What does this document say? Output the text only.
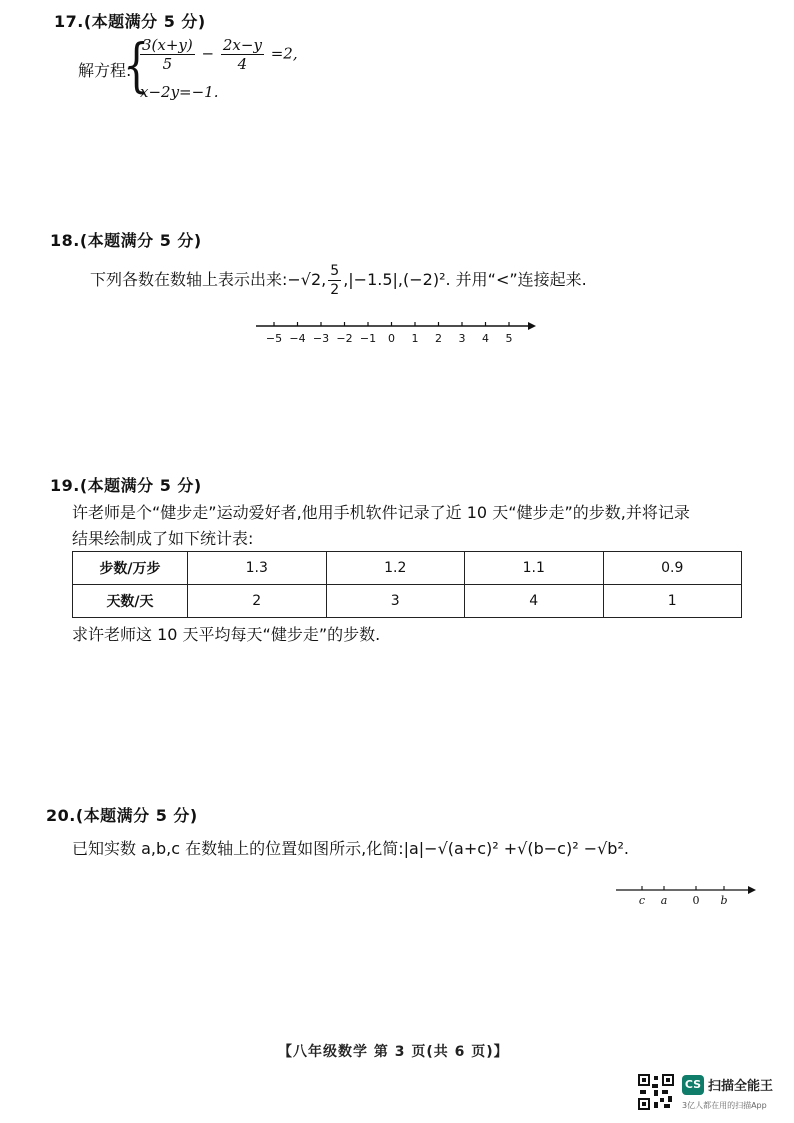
17.(本题满分 5 分)
解方程:
{
$\frac{3(x+y)}{5} - \frac{2x-y}{4} =2$,
x−2y=−1.
18.(本题满分 5 分)
下列各数在数轴上表示出来:−√2, $\frac{5}{2} ,|-1.5|,(-2)^2$. 并用“<”连接起来.
−5 −4 −3 −2 −1 0 1 2 3 4 5
19.(本题满分 5 分)
许老师是个“健步走”运动爱好者,他用手机软件记录了近 10 天“健步走”的步数,并将记录
结果绘制成了如下统计表:
步数/万步	1.3	1.2	1.1	0.9
天数/天	2	3	4	1
求许老师这 10 天平均每天“健步走”的步数.
20.(本题满分 5 分)
已知实数 a,b,c 在数轴上的位置如图所示,化简:|a|−√(a+c)² +√(b−c)² −√b².
c a 0 b
【八年级数学 第 3 页(共 6 页)】
CS 扫描全能王
3亿人都在用的扫描App
